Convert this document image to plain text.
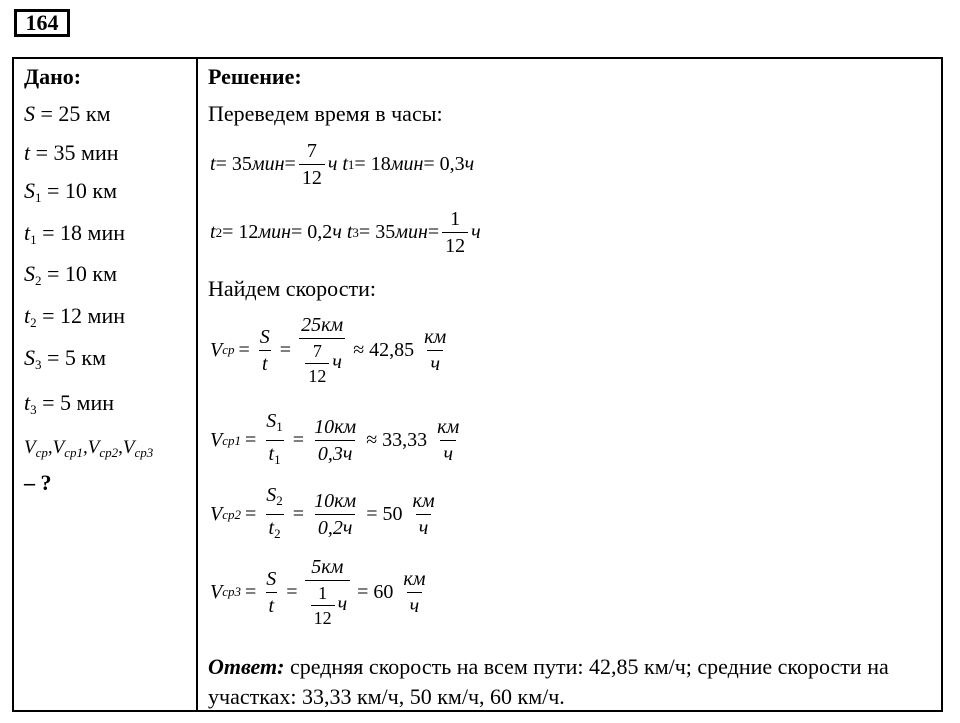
164
Дано:	Решение:
S = 25 км
t = 35 мин
$S_1 = 10$ км
$t_1 = 18$ мин
$S_2 = 10$ км
$t_2 = 12$ мин
$S_3 = 5$ км
$t_3 = 5$ мин
$V_{ср},V_{ср1},V_{ср2},V_{ср3}$
– ?
Переведем время в часы:
t = 35 мин = $\frac{7}{12}$ ч
t 1 = 18 мин = 0,3 ч
t 2 = 12 мин = 0,2 ч
t 3 = 35 мин = $\frac{1}{12}$ ч
Найдем скорости:
V ср = $\frac{S}{t} = \frac{25км}{\frac{7}{12} ч} \approx 42,85 \frac{км}{ч}$
V $ср1 = \frac{S_1}{t_1} = \frac{10км}{0,3ч} \approx 33,33 \frac{км}{ч}$
V $ср2 = \frac{S_2}{t_2} = \frac{10км}{0,2ч} = 50 \frac{км}{ч}$
V $ср3 = \frac{S}{t} = \frac{5км}{\frac{1}{12} ч} = 60 \frac{км}{ч}$
Ответ: средняя скорость на всем пути: 42,85 км/ч; средние скорости на участках: 33,33 км/ч, 50 км/ч, 60 км/ч.
